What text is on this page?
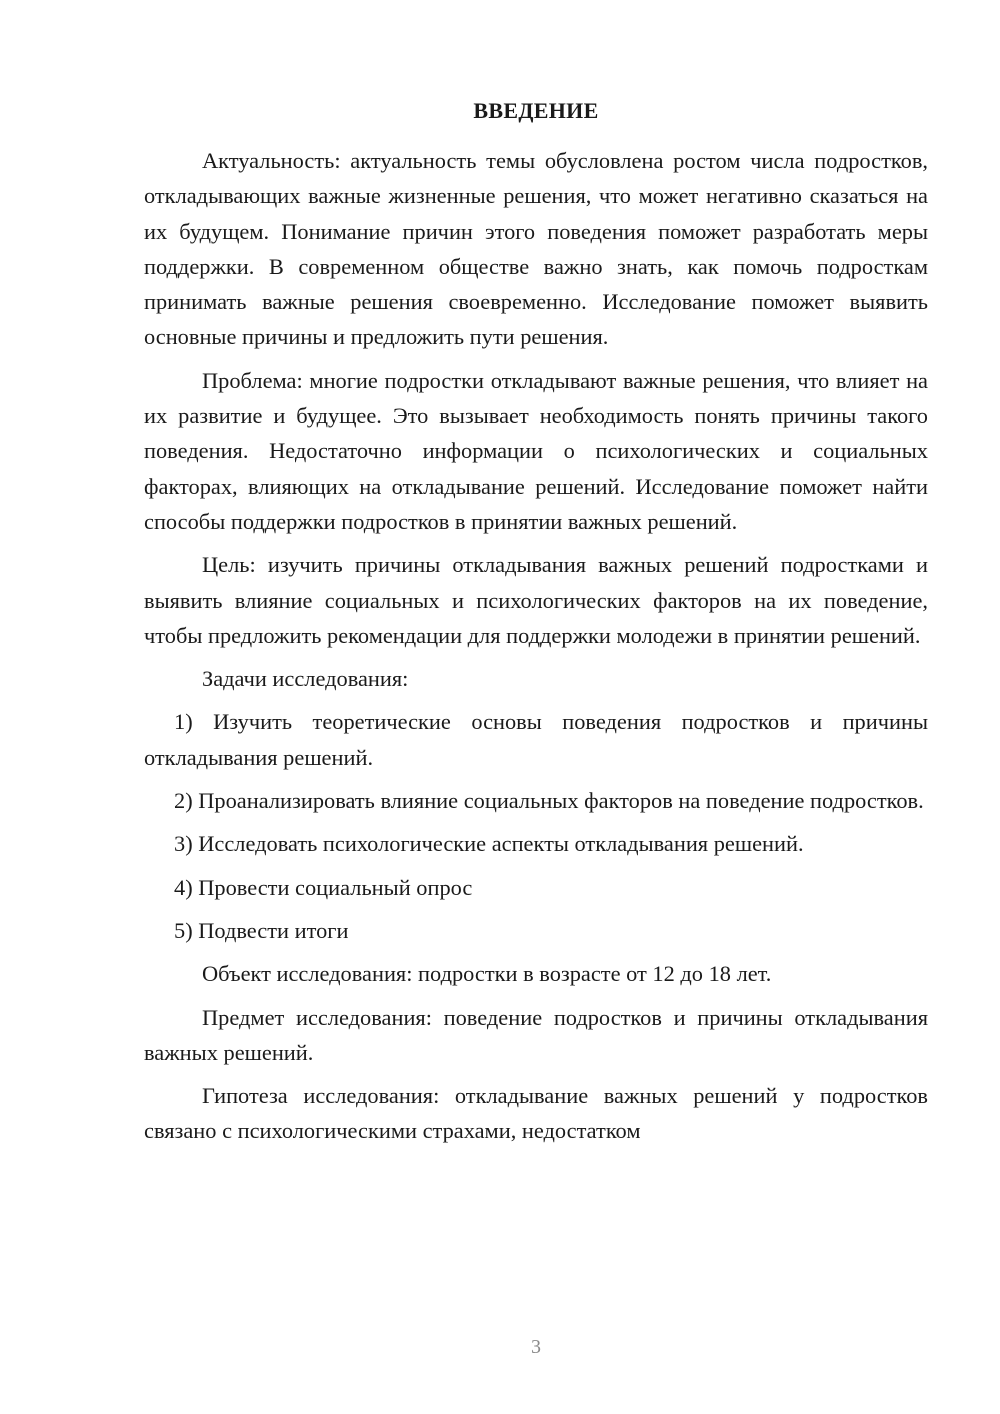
ВВЕДЕНИЕ

Актуальность: актуальность темы обусловлена ростом числа подростков, откладывающих важные жизненные решения, что может негативно сказаться на их будущем. Понимание причин этого поведения поможет разработать меры поддержки. В современном обществе важно знать, как помочь подросткам принимать важные решения своевременно. Исследование поможет выявить основные причины и предложить пути решения.

Проблема: многие подростки откладывают важные решения, что влияет на их развитие и будущее. Это вызывает необходимость понять причины такого поведения. Недостаточно информации о психологических и социальных факторах, влияющих на откладывание решений. Исследование поможет найти способы поддержки подростков в принятии важных решений.

Цель: изучить причины откладывания важных решений подростками и выявить влияние социальных и психологических факторов на их поведение, чтобы предложить рекомендации для поддержки молодежи в принятии решений.

Задачи исследования:

1) Изучить теоретические основы поведения подростков и причины откладывания решений.

2) Проанализировать влияние социальных факторов на поведение подростков.

3) Исследовать психологические аспекты откладывания решений.

4) Провести социальный опрос

5) Подвести итоги

Объект исследования: подростки в возрасте от 12 до 18 лет.

Предмет исследования: поведение подростков и причины откладывания важных решений.

Гипотеза исследования: откладывание важных решений у подростков связано с психологическими страхами, недостатком

3
